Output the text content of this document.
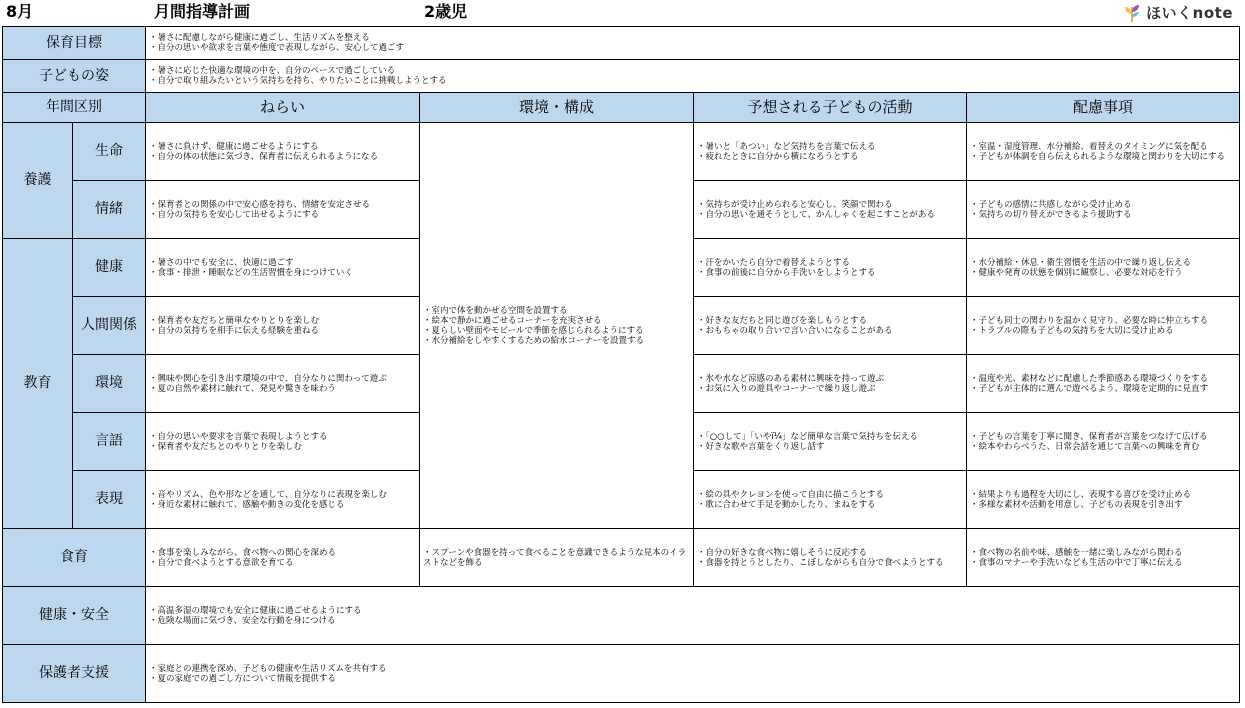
8月	月間指導計画	2歳児	ほいくnote
保育目標		・暑さに配慮しながら健康に過ごし、生活リズムを整える
・自分の思いや欲求を言葉や態度で表現しながら、安心して過ごす			

子どもの姿		・暑さに応じた快適な環境の中を、自分のペースで過ごしている
・自分で取り組みたいという気持ちを持ち、やりたいことに挑戦しようとする			

年間区別		ねらい	環境・構成	予想される子どもの活動	配慮事項
養護	生命	・暑さに負けず、健康に過ごせるようにする
・自分の体の状態に気づき、保育者に伝えられるようになる	・室内で体を動かせる空間を設置する
・絵本で静かに過ごせるコーナーを充実させる
・夏らしい壁面やモビールで季節を感じられるようにする
・水分補給をしやすくするための給水コーナーを設置する	・暑いと「あつい」など気持ちを言葉で伝える
・疲れたときに自分から横になろうとする	・室温・湿度管理、水分補給、着替えのタイミングに気を配る
・子どもが体調を自ら伝えられるような環境と関わりを大切にする

	情緒	・保育者との関係の中で安心感を持ち、情緒を安定させる
・自分の気持ちを安心して出せるようにする		・気持ちが受け止められると安心し、笑顔で関わる
・自分の思いを通そうとして、かんしゃくを起こすことがある	・子どもの感情に共感しながら受け止める
・気持ちの切り替えができるよう援助する

教育	健康	・暑さの中でも安全に、快適に過ごす
・食事・排泄・睡眠などの生活習慣を身につけていく		・汗をかいたら自分で着替えようとする
・食事の前後に自分から手洗いをしようとする	・水分補給・休息・衛生習慣を生活の中で繰り返し伝える
・健康や発育の状態を個別に観察し、必要な対応を行う

	人間関係	・保育者や友だちと簡単なやりとりを楽しむ
・自分の気持ちを相手に伝える経験を重ねる		・好きな友だちと同じ遊びを楽しもうとする
・おもちゃの取り合いで言い合いになることがある	・子ども同士の関わりを温かく見守り、必要な時に仲立ちする
・トラブルの際も子どもの気持ちを大切に受け止める

	環境	・興味や関心を引き出す環境の中で、自分なりに関わって遊ぶ
・夏の自然や素材に触れて、発見や驚きを味わう		・氷や水など涼感のある素材に興味を持って遊ぶ
・お気に入りの遊具やコーナーで繰り返し遊ぶ	・温度や光、素材などに配慮した季節感ある環境づくりをする
・子どもが主体的に選んで遊べるよう、環境を定期的に見直す

	言語	・自分の思いや要求を言葉で表現しようとする
・保育者や友だちとのやりとりを楽しむ		・「○○して」「いやï¼」など簡単な言葉で気持ちを伝える
・好きな歌や言葉をくり返し話す	・子どもの言葉を丁寧に聞き、保育者が言葉をつなげて広げる
・絵本やわらべうた、日常会話を通じて言葉への興味を育む

	表現	・音やリズム、色や形などを通して、自分なりに表現を楽しむ
・身近な素材に触れて、感触や動きの変化を感じる		・絵の具やクレヨンを使って自由に描こうとする
・歌に合わせて手足を動かしたり、まねをする	・結果よりも過程を大切にし、表現する喜びを受け止める
・多様な素材や活動を用意し、子どもの表現を引き出す

食育		・食事を楽しみながら、食べ物への関心を深める
・自分で食べようとする意欲を育てる	・スプーンや食器を持って食べることを意識できるような見本のイラストなどを飾る	・自分の好きな食べ物に嬉しそうに反応する
・食器を持とうとしたり、こぼしながらも自分で食べようとする	・食べ物の名前や味、感触を一緒に楽しみながら関わる
・食事のマナーや手洗いなども生活の中で丁寧に伝える

健康・安全		・高温多湿の環境でも安全に健康に過ごせるようにする
・危険な場面に気づき、安全な行動を身につける			

保護者支援		・家庭との連携を深め、子どもの健康や生活リズムを共有する
・夏の家庭での過ごし方について情報を提供する			
